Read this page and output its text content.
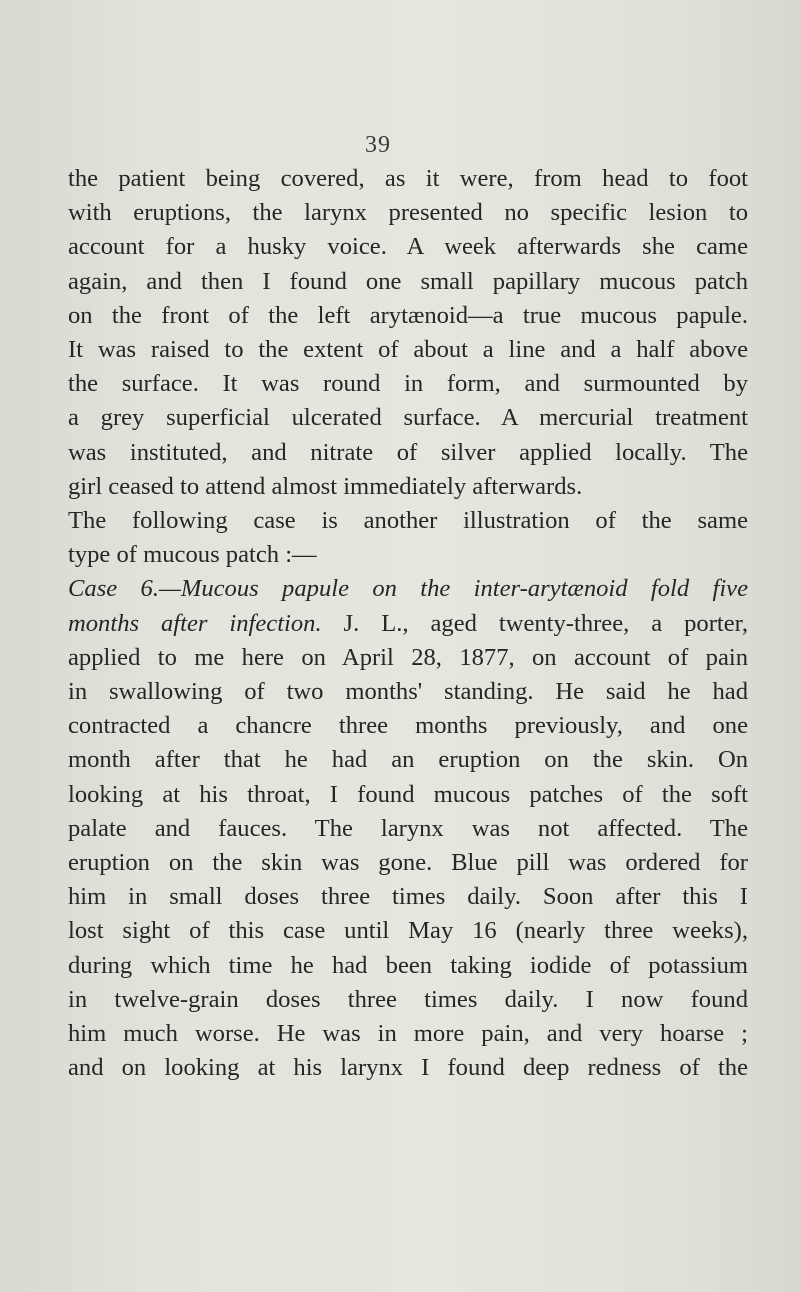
39
the patient being covered, as it were, from head to foot
with eruptions, the larynx presented no specific lesion to
account for a husky voice. A week afterwards she came
again, and then I found one small papillary mucous patch
on the front of the left arytænoid—a true mucous papule.
It was raised to the extent of about a line and a half above
the surface. It was round in form, and surmounted by
a grey superficial ulcerated surface. A mercurial treatment
was instituted, and nitrate of silver applied locally. The
girl ceased to attend almost immediately afterwards.
The following case is another illustration of the same
type of mucous patch :—
Case 6.—Mucous papule on the inter-arytænoid fold five
months after infection. J. L., aged twenty-three, a porter,
applied to me here on April 28, 1877, on account of pain
in swallowing of two months' standing. He said he had
contracted a chancre three months previously, and one
month after that he had an eruption on the skin. On
looking at his throat, I found mucous patches of the soft
palate and fauces. The larynx was not affected. The
eruption on the skin was gone. Blue pill was ordered for
him in small doses three times daily. Soon after this I
lost sight of this case until May 16 (nearly three weeks),
during which time he had been taking iodide of potassium
in twelve-grain doses three times daily. I now found
him much worse. He was in more pain, and very hoarse ;
and on looking at his larynx I found deep redness of the
